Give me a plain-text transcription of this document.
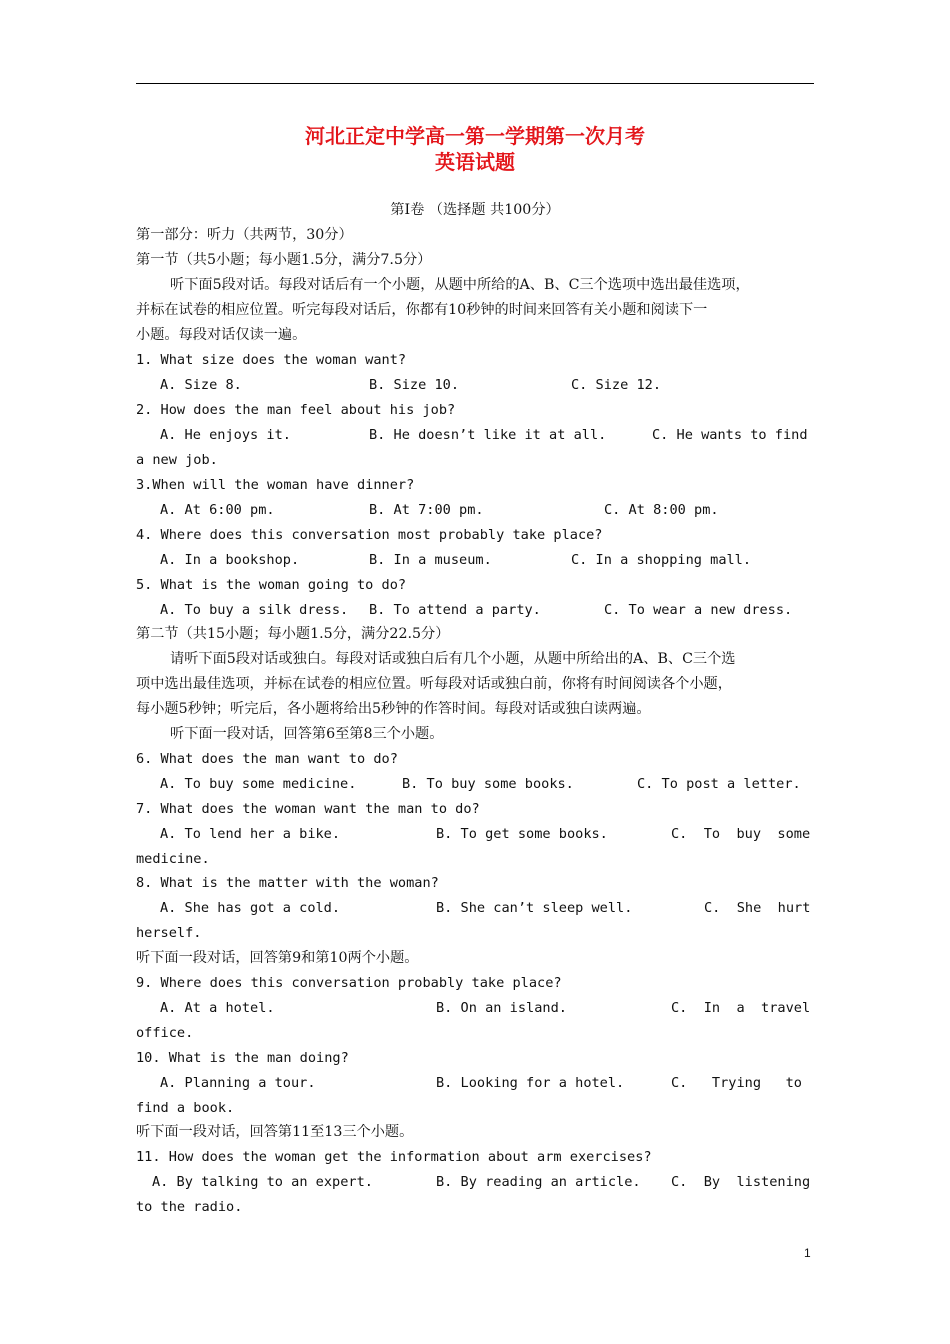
河北正定中学高一第一学期第一次月考
英语试题
第I卷 （选择题 共100分）
第一部分：听力（共两节，30分）
第一节（共5小题；每小题1.5分，满分7.5分）
听下面5段对话。每段对话后有一个小题，从题中所给的A、B、C三个选项中选出最佳选项，
并标在试卷的相应位置。听完每段对话后，你都有10秒钟的时间来回答有关小题和阅读下一
小题。每段对话仅读一遍。
1. What size does the woman want?

A. Size 8.

	B. Size 10.

	C. Size 12.

2. How does the man feel about his job?

A. He enjoys it.

	B. He doesn’t like it at all.

	C. He wants to find

a new job.
3.When will the woman have dinner?

A. At 6:00 pm.

	B. At 7:00 pm.

	C. At 8:00 pm.

4. Where does this conversation most probably take place?

A. In a bookshop.

	B. In a museum.

	C. In a shopping mall.

5. What is the woman going to do?

A. To buy a silk dress.

B. To attend a party.

	C. To wear a new dress.

第二节（共15小题；每小题1.5分，满分22.5分）
请听下面5段对话或独白。每段对话或独白后有几个小题，从题中所给出的A、B、C三个选
项中选出最佳选项，并标在试卷的相应位置。听每段对话或独白前，你将有时间阅读各个小题，
每小题5秒钟；听完后，各小题将给出5秒钟的作答时间。每段对话或独白读两遍。
听下面一段对话，回答第6至第8三个小题。
6. What does the man want to do?

A. To buy some medicine.

	B. To buy some books.

	C. To post a letter.

7. What does the woman want the man to do?

A. To lend her a bike.

	B. To get some books.

	C.  To  buy  some

medicine.
8. What is the matter with the woman?

A. She has got a cold.

	B. She can’t sleep well.

	C.  She  hurt

herself.
听下面一段对话，回答第9和第10两个小题。
9. Where does this conversation probably take place?

A. At a hotel.

	B. On an island.

	C.  In  a  travel

office.
10. What is the man doing?

A. Planning a tour.

	B. Looking for a hotel.

	C.   Trying   to

find a book.
听下面一段对话，回答第11至13三个小题。
11. How does the woman get the information about arm exercises?

A. By talking to an expert.

	B. By reading an article.

C.  By  listening

to the radio.
1
